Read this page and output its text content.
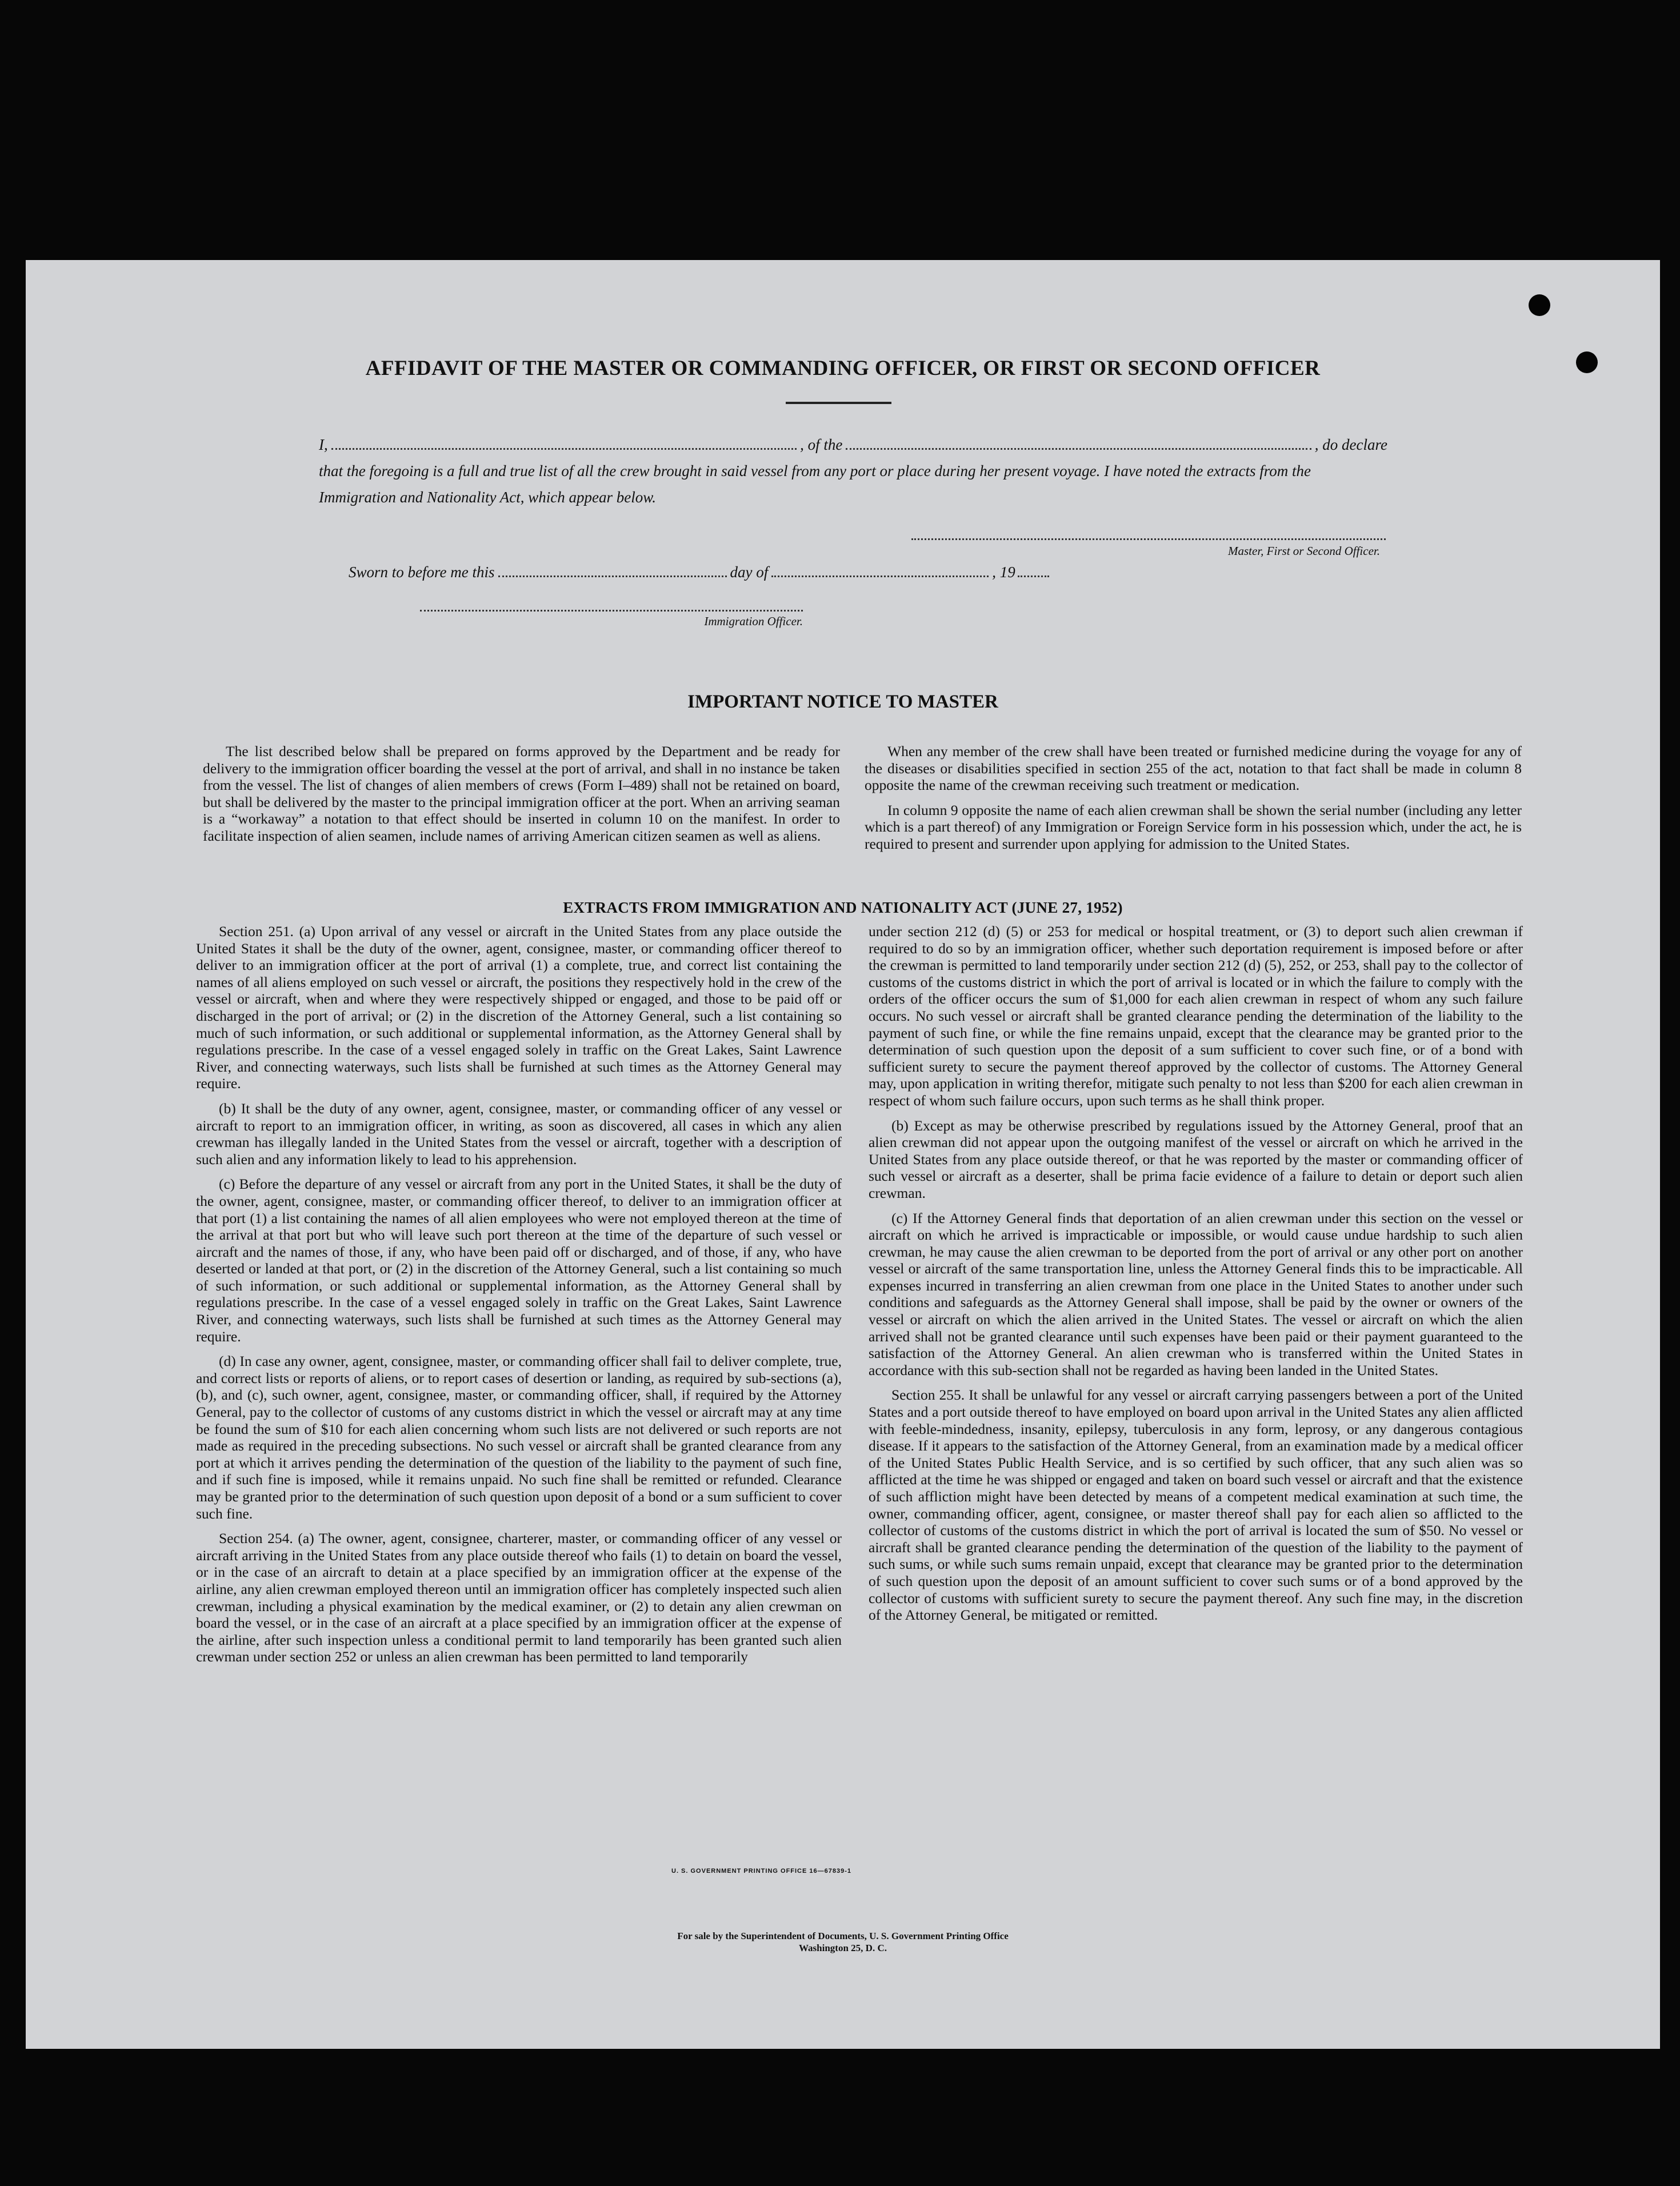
AFFIDAVIT OF THE MASTER OR COMMANDING OFFICER, OR FIRST OR SECOND OFFICER
I,	, of the	, do declare
that the foregoing is a full and true list of all the crew brought in said vessel from any port or place during her present voyage. I have noted the extracts from the Immigration and Nationality Act, which appear below.
Master, First or Second Officer.
Sworn to before me this	day of	, 19
Immigration Officer.
IMPORTANT NOTICE TO MASTER

The list described below shall be prepared on forms approved by the Department and be ready for delivery to the immigration officer boarding the vessel at the port of arrival, and shall in no instance be taken from the vessel. The list of changes of alien members of crews (Form I–489) shall not be retained on board, but shall be delivered by the master to the principal immigration officer at the port. When an arriving seaman is a “workaway” a notation to that effect should be inserted in column 10 on the manifest. In order to facilitate inspection of alien seamen, include names of arriving American citizen seamen as well as aliens.

When any member of the crew shall have been treated or furnished medicine during the voyage for any of the diseases or disabilities specified in section 255 of the act, notation to that fact shall be made in column 8 opposite the name of the crewman receiving such treatment or medication.

In column 9 opposite the name of each alien crewman shall be shown the serial number (including any letter which is a part thereof) of any Immigration or Foreign Service form in his possession which, under the act, he is required to present and surrender upon applying for admission to the United States.

EXTRACTS FROM IMMIGRATION AND NATIONALITY ACT (JUNE 27, 1952)

Section 251. (a) Upon arrival of any vessel or aircraft in the United States from any place outside the United States it shall be the duty of the owner, agent, consignee, master, or commanding officer thereof to deliver to an immigration officer at the port of arrival (1) a complete, true, and correct list containing the names of all aliens employed on such vessel or aircraft, the positions they respectively hold in the crew of the vessel or aircraft, when and where they were respectively shipped or engaged, and those to be paid off or discharged in the port of arrival; or (2) in the discretion of the Attorney General, such a list containing so much of such information, or such additional or supplemental information, as the Attorney General shall by regulations prescribe. In the case of a vessel engaged solely in traffic on the Great Lakes, Saint Lawrence River, and connecting waterways, such lists shall be furnished at such times as the Attorney General may require.

(b) It shall be the duty of any owner, agent, consignee, master, or commanding officer of any vessel or aircraft to report to an immigration officer, in writing, as soon as discovered, all cases in which any alien crewman has illegally landed in the United States from the vessel or aircraft, together with a description of such alien and any information likely to lead to his apprehension.

(c) Before the departure of any vessel or aircraft from any port in the United States, it shall be the duty of the owner, agent, consignee, master, or commanding officer thereof, to deliver to an immigration officer at that port (1) a list containing the names of all alien employees who were not employed thereon at the time of the arrival at that port but who will leave such port thereon at the time of the departure of such vessel or aircraft and the names of those, if any, who have been paid off or discharged, and of those, if any, who have deserted or landed at that port, or (2) in the discretion of the Attorney General, such a list containing so much of such information, or such additional or supplemental information, as the Attorney General shall by regulations prescribe. In the case of a vessel engaged solely in traffic on the Great Lakes, Saint Lawrence River, and connecting waterways, such lists shall be furnished at such times as the Attorney General may require.

(d) In case any owner, agent, consignee, master, or commanding officer shall fail to deliver complete, true, and correct lists or reports of aliens, or to report cases of desertion or landing, as required by sub-sections (a), (b), and (c), such owner, agent, consignee, master, or commanding officer, shall, if required by the Attorney General, pay to the collector of customs of any customs district in which the vessel or aircraft may at any time be found the sum of $10 for each alien concerning whom such lists are not delivered or such reports are not made as required in the preceding subsections. No such vessel or aircraft shall be granted clearance from any port at which it arrives pending the determination of the question of the liability to the payment of such fine, and if such fine is imposed, while it remains unpaid. No such fine shall be remitted or refunded. Clearance may be granted prior to the determination of such question upon deposit of a bond or a sum sufficient to cover such fine.

Section 254. (a) The owner, agent, consignee, charterer, master, or commanding officer of any vessel or aircraft arriving in the United States from any place outside thereof who fails (1) to detain on board the vessel, or in the case of an aircraft to detain at a place specified by an immigration officer at the expense of the airline, any alien crewman employed thereon until an immigration officer has completely inspected such alien crewman, including a physical examination by the medical examiner, or (2) to detain any alien crewman on board the vessel, or in the case of an aircraft at a place specified by an immigration officer at the expense of the airline, after such inspection unless a conditional permit to land temporarily has been granted such alien crewman under section 252 or unless an alien crewman has been permitted to land temporarily

under section 212 (d) (5) or 253 for medical or hospital treatment, or (3) to deport such alien crewman if required to do so by an immigration officer, whether such deportation requirement is imposed before or after the crewman is permitted to land temporarily under section 212 (d) (5), 252, or 253, shall pay to the collector of customs of the customs district in which the port of arrival is located or in which the failure to comply with the orders of the officer occurs the sum of $1,000 for each alien crewman in respect of whom any such failure occurs. No such vessel or aircraft shall be granted clearance pending the determination of the liability to the payment of such fine, or while the fine remains unpaid, except that the clearance may be granted prior to the determination of such question upon the deposit of a sum sufficient to cover such fine, or of a bond with sufficient surety to secure the payment thereof approved by the collector of customs. The Attorney General may, upon application in writing therefor, mitigate such penalty to not less than $200 for each alien crewman in respect of whom such failure occurs, upon such terms as he shall think proper.

(b) Except as may be otherwise prescribed by regulations issued by the Attorney General, proof that an alien crewman did not appear upon the outgoing manifest of the vessel or aircraft on which he arrived in the United States from any place outside thereof, or that he was reported by the master or commanding officer of such vessel or aircraft as a deserter, shall be prima facie evidence of a failure to detain or deport such alien crewman.

(c) If the Attorney General finds that deportation of an alien crewman under this section on the vessel or aircraft on which he arrived is impracticable or impossible, or would cause undue hardship to such alien crewman, he may cause the alien crewman to be deported from the port of arrival or any other port on another vessel or aircraft of the same transportation line, unless the Attorney General finds this to be impracticable. All expenses incurred in transferring an alien crewman from one place in the United States to another under such conditions and safeguards as the Attorney General shall impose, shall be paid by the owner or owners of the vessel or aircraft on which the alien arrived in the United States. The vessel or aircraft on which the alien arrived shall not be granted clearance until such expenses have been paid or their payment guaranteed to the satisfaction of the Attorney General. An alien crewman who is transferred within the United States in accordance with this sub-section shall not be regarded as having been landed in the United States.

Section 255. It shall be unlawful for any vessel or aircraft carrying passengers between a port of the United States and a port outside thereof to have employed on board upon arrival in the United States any alien afflicted with feeble-mindedness, insanity, epilepsy, tuberculosis in any form, leprosy, or any dangerous contagious disease. If it appears to the satisfaction of the Attorney General, from an examination made by a medical officer of the United States Public Health Service, and is so certified by such officer, that any such alien was so afflicted at the time he was shipped or engaged and taken on board such vessel or aircraft and that the existence of such affliction might have been detected by means of a competent medical examination at such time, the owner, commanding officer, agent, consignee, or master thereof shall pay for each alien so afflicted to the collector of customs of the customs district in which the port of arrival is located the sum of $50. No vessel or aircraft shall be granted clearance pending the determination of the question of the liability to the payment of such sums, or while such sums remain unpaid, except that clearance may be granted prior to the determination of such question upon the deposit of an amount sufficient to cover such sums or of a bond approved by the collector of customs with sufficient surety to secure the payment thereof. Any such fine may, in the discretion of the Attorney General, be mitigated or remitted.

U. S. GOVERNMENT PRINTING OFFICE 16—67839-1
For sale by the Superintendent of Documents, U. S. Government Printing Office
Washington 25, D. C.
